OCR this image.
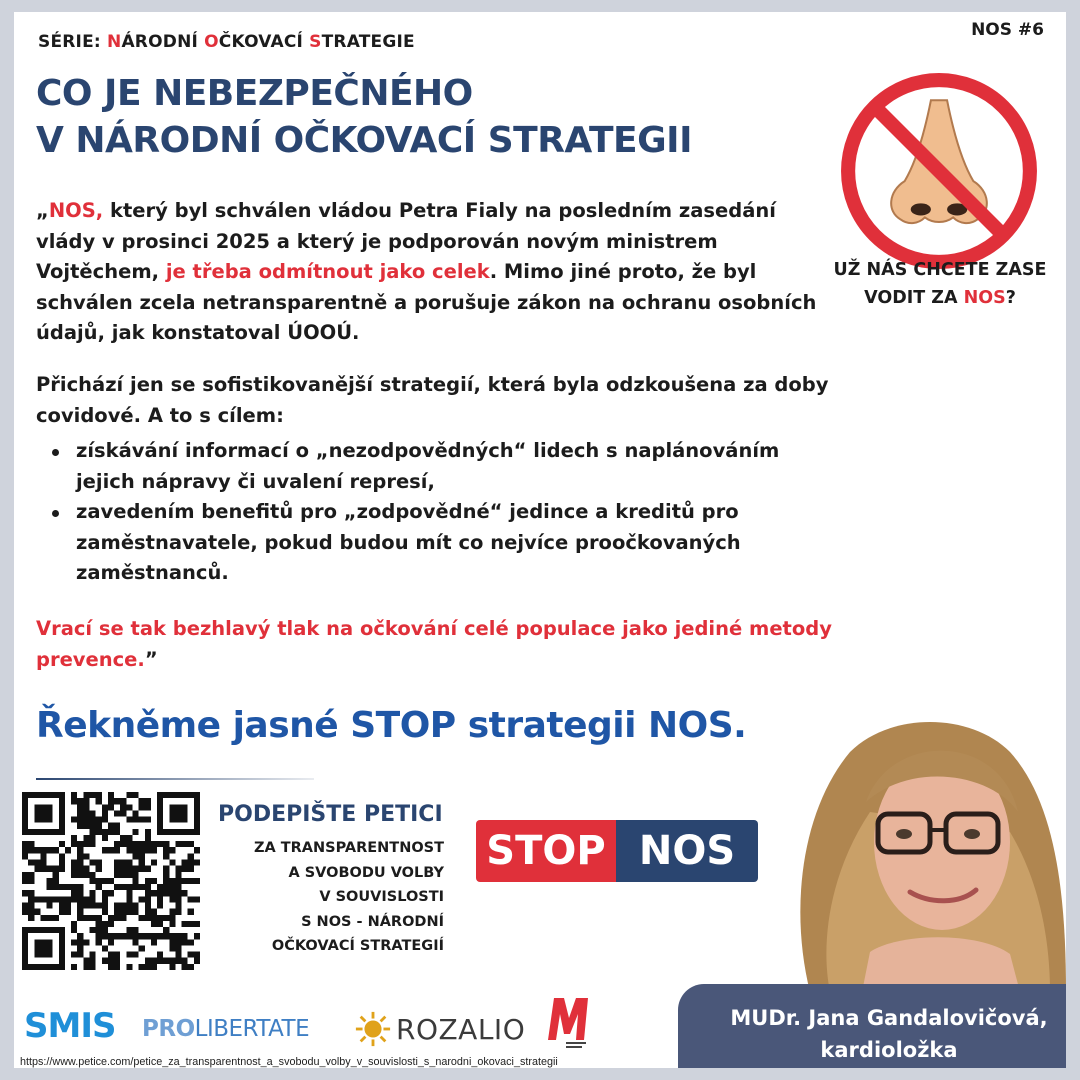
SÉRIE: NÁRODNÍ OČKOVACÍ STRATEGIE
NOS #6
CO JE NEBEZPEČNÉHO
V NÁRODNÍ OČKOVACÍ STRATEGII
„NOS, který byl schválen vládou Petra Fialy na posledním zasedání vlády v prosinci 2025 a který je podporován novým ministrem Vojtěchem, je třeba odmítnout jako celek. Mimo jiné proto, že byl schválen zcela netransparentně a porušuje zákon na ochranu osobních údajů, jak konstatoval ÚOOÚ.
Přichází jen se sofistikovanější strategií, která byla odzkoušena za doby covidové. A to s cílem:
získávání informací o „nezodpovědných“ lidech s naplánováním jejich nápravy či uvalení represí,
zavedením benefitů pro „zodpovědné“ jedince a kreditů pro zaměstnavatele, pokud budou mít co nejvíce proočkovaných zaměstnanců.
Vrací se tak bezhlavý tlak na očkování celé populace jako jediné metody prevence.”
Řekněme jasné STOP strategii NOS.
UŽ NÁS CHCETE ZASE VODIT ZA NOS?
PODEPIŠTE PETICI
ZA TRANSPARENTNOST
A SVOBODU VOLBY
V SOUVISLOSTI
S NOS - NÁRODNÍ
OČKOVACÍ STRATEGIÍ
STOP NOS
MUDr. Jana Gandalovičová,
kardioložka
SMIS PROLIBERTATE	ROZALIO
https://www.petice.com/petice_za_transparentnost_a_svobodu_volby_v_souvislosti_s_narodni_okovaci_strategii
